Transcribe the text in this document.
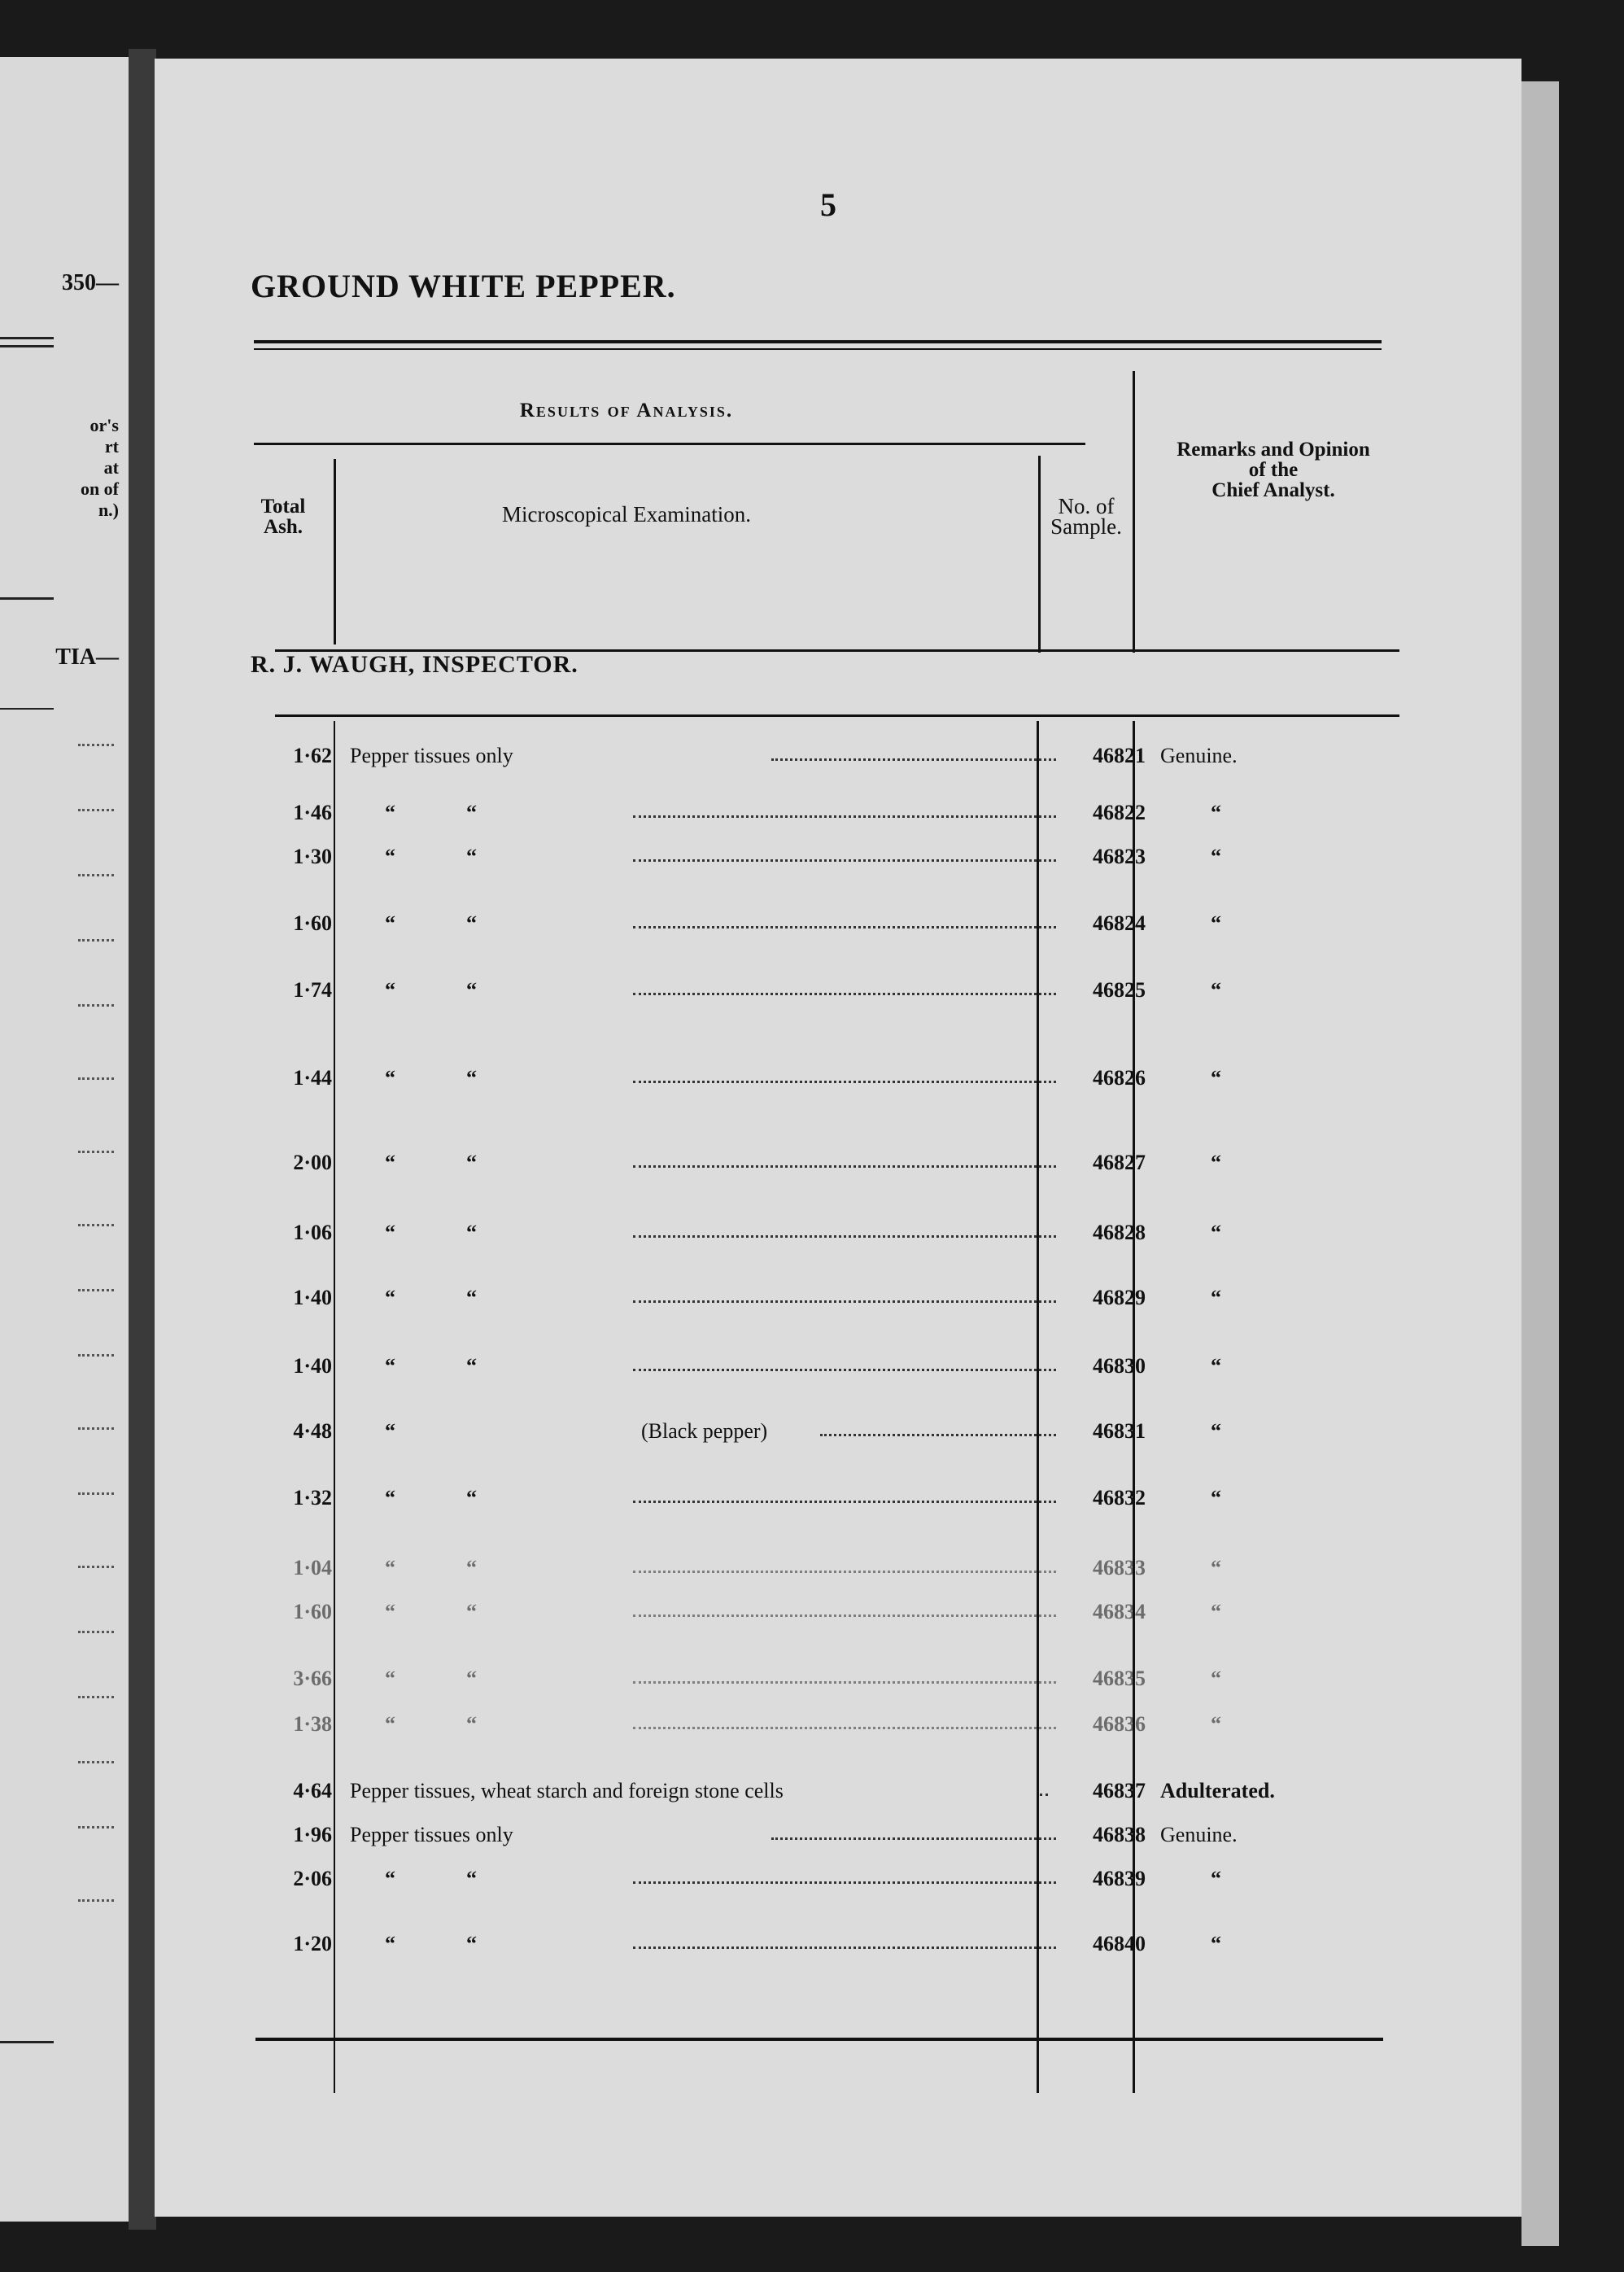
350—
or's
rt
at
on of
n.)
TIA—
5
GROUND WHITE PEPPER.
Results of Analysis.
Remarks and Opinion
of the
Chief Analyst.
Total
Ash.
Microscopical Examination.	No. of
Sample.
R. J. WAUGH, INSPECTOR.
1·62 Pepper tissues only	46821 Genuine.
1·46	“	“	46822	“
1·30	“	“	46823	“
1·60	“	“	46824	“
1·74	“	“	46825	“
1·44	“	“	46826	“
2·00	“	“	46827	“
1·06	“	“	46828	“
1·40	“	“	46829	“
1·40	“	“	46830	“
4·48	“	(Black pepper)	46831	“
1·32	“	“	46832	“
1·04	“	“	46833	“
1·60	“	“	46834	“
3·66	“	“	46835	“
1·38	“	“	46836	“
4·64 Pepper tissues, wheat starch and foreign stone cells	46837 Adulterated.
1·96 Pepper tissues only	46838 Genuine.
2·06	“	“	46839	“
1·20	“	“	46840	“
